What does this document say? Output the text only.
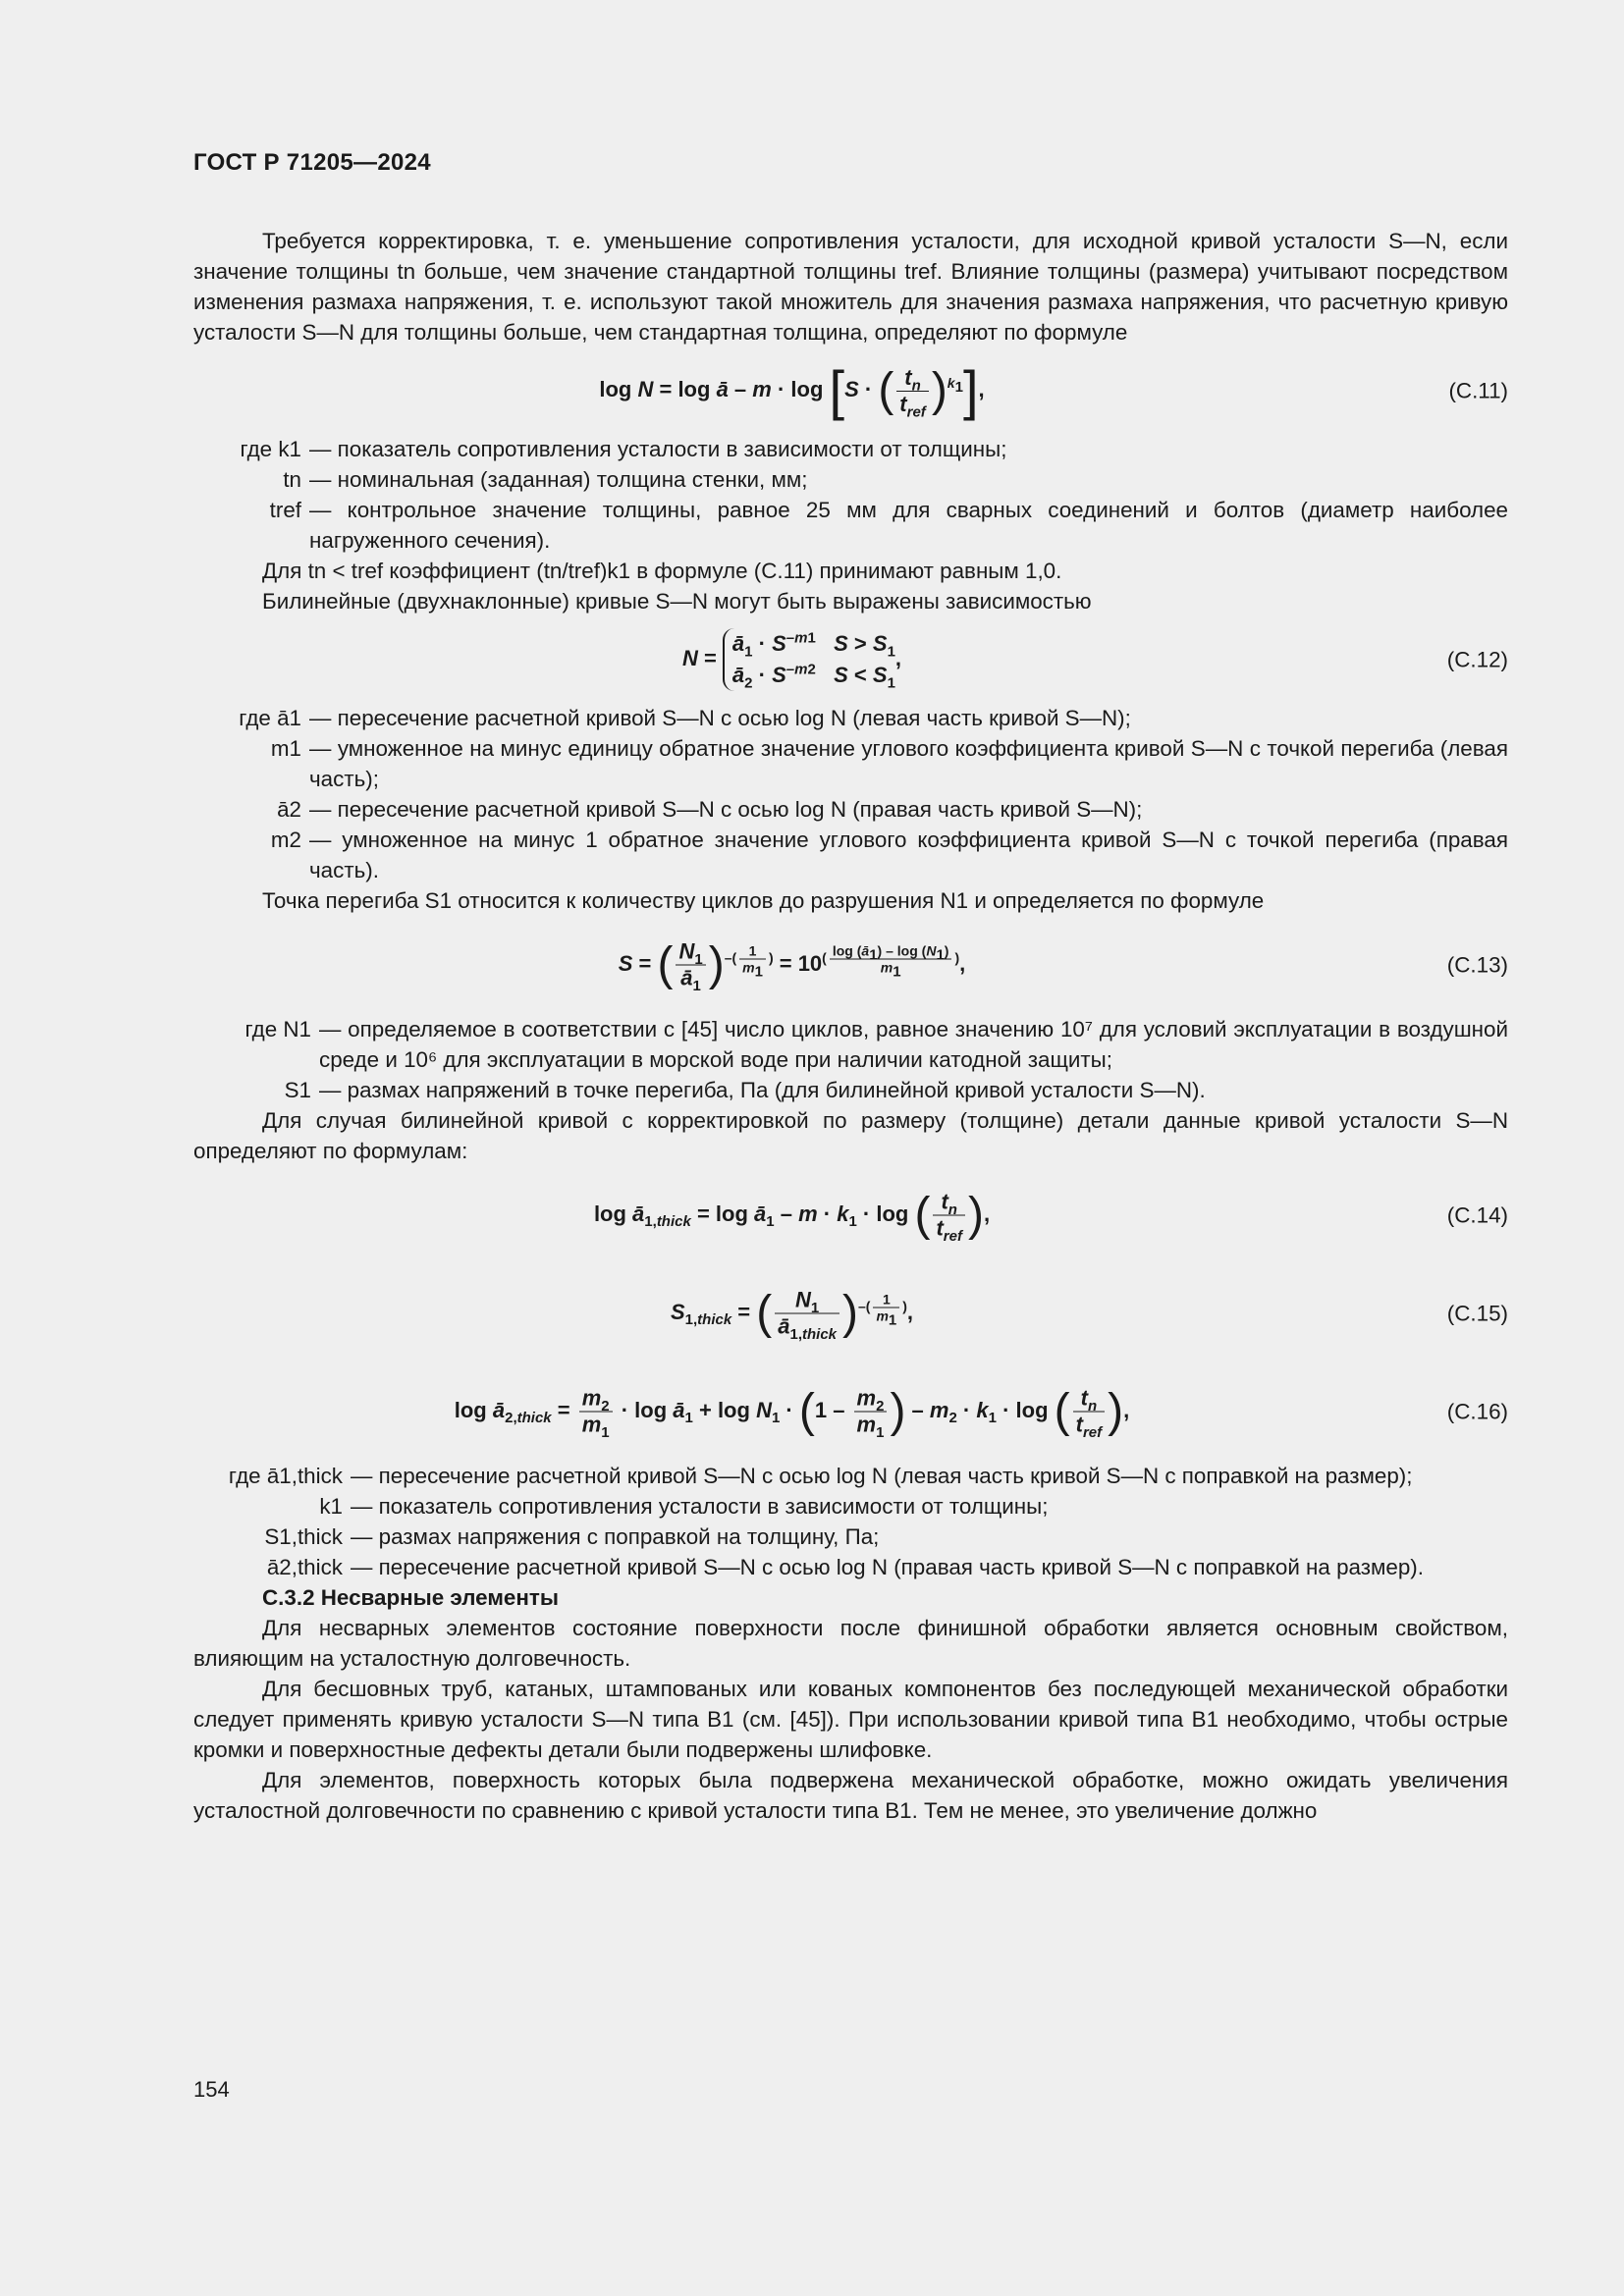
ГОСТ Р 71205—2024

Требуется корректировка, т. е. уменьшение сопротивления усталости, для исходной кривой усталости S—N, если значение толщины tn больше, чем значение стандартной толщины tref. Влияние толщины (размера) учитывают посредством изменения размаха напряжения, т. е. используют такой множитель для значения размаха напряжения, что расчетную кривую усталости S—N для толщины больше, чем стандартная толщина, определяют по формуле

log N = log ā – m · log [S · ( $\frac{t_n}{t_{ref}} )k_1$],	(С.11)
где k1 — показатель сопротивления усталости в зависимости от толщины;
tn — номинальная (заданная) толщина стенки, мм;
tref — контрольное значение толщины, равное 25 мм для сварных соединений и болтов (диаметр наиболее нагруженного сечения).

Для tn < tref коэффициент (tn/tref)k1 в формуле (С.11) принимают равным 1,0.

Билинейные (двухнаклонные) кривые S—N могут быть выражены зависимостью

$N = ā_1 \cdot S^{-m1}$ $S > S_1$
$ā_2 \cdot S^{-m2}$ $S < S_1$,	(С.12)
где ā1 — пересечение расчетной кривой S—N с осью log N (левая часть кривой S—N);
m1 — умноженное на минус единицу обратное значение углового коэффициента кривой S—N с точкой перегиба (левая часть);
ā2 — пересечение расчетной кривой S—N с осью log N (правая часть кривой S—N);
m2 — умноженное на минус 1 обратное значение углового коэффициента кривой S—N с точкой перегиба (правая часть).

Точка перегиба S1 относится к количеству циклов до разрушения N1 и определяется по формуле

S = ( $\frac{N_1}{ā_1}$ )–( $\frac{1}{m_1}$ ) = $10( \frac{\log (ā_1) - \log (N_1)}{m_1}$ ),	(С.13)
где N1 — определяемое в соответствии с [45] число циклов, равное значению 10⁷ для условий эксплуатации в воздушной среде и 10⁶ для эксплуатации в морской воде при наличии катодной защиты;
S1 — размах напряжений в точке перегиба, Па (для билинейной кривой усталости S—N).

Для случая билинейной кривой с корректировкой по размеру (толщине) детали данные кривой усталости S—N определяют по формулам:

$\log ā_{1,thick} = \log$ $ā_1 - m \cdot k_1 \cdot \log$ ( $\frac{t_n}{t_{ref}}$ ),	(С.14)
$S_{1,thick}$ = ( $\frac{N_1}{ā_{1,thick}}$ )–( $\frac{1}{m_1}$ ),	(С.15)
$\log ā_{2,thick} = \frac{m_2}{m_1} \cdot \log$ $ā_1 + \log N_1 \cdot (1 - \frac{m_2}{m_1}$ ) – $m_2 \cdot k_1 \cdot \log$ ( $\frac{t_n}{t_{ref}}$ ),	(С.16)
где ā1,thick — пересечение расчетной кривой S—N с осью log N (левая часть кривой S—N с поправкой на размер);
k1 — показатель сопротивления усталости в зависимости от толщины;
S1,thick — размах напряжения с поправкой на толщину, Па;
ā2,thick — пересечение расчетной кривой S—N с осью log N (правая часть кривой S—N с поправкой на размер).

С.3.2 Несварные элементы

Для несварных элементов состояние поверхности после финишной обработки является основным свойством, влияющим на усталостную долговечность.

Для бесшовных труб, катаных, штампованых или кованых компонентов без последующей механической обработки следует применять кривую усталости S—N типа В1 (см. [45]). При использовании кривой типа В1 необходимо, чтобы острые кромки и поверхностные дефекты детали были подвержены шлифовке.

Для элементов, поверхность которых была подвержена механической обработке, можно ожидать увеличения усталостной долговечности по сравнению с кривой усталости типа В1. Тем не менее, это увеличение должно

154
